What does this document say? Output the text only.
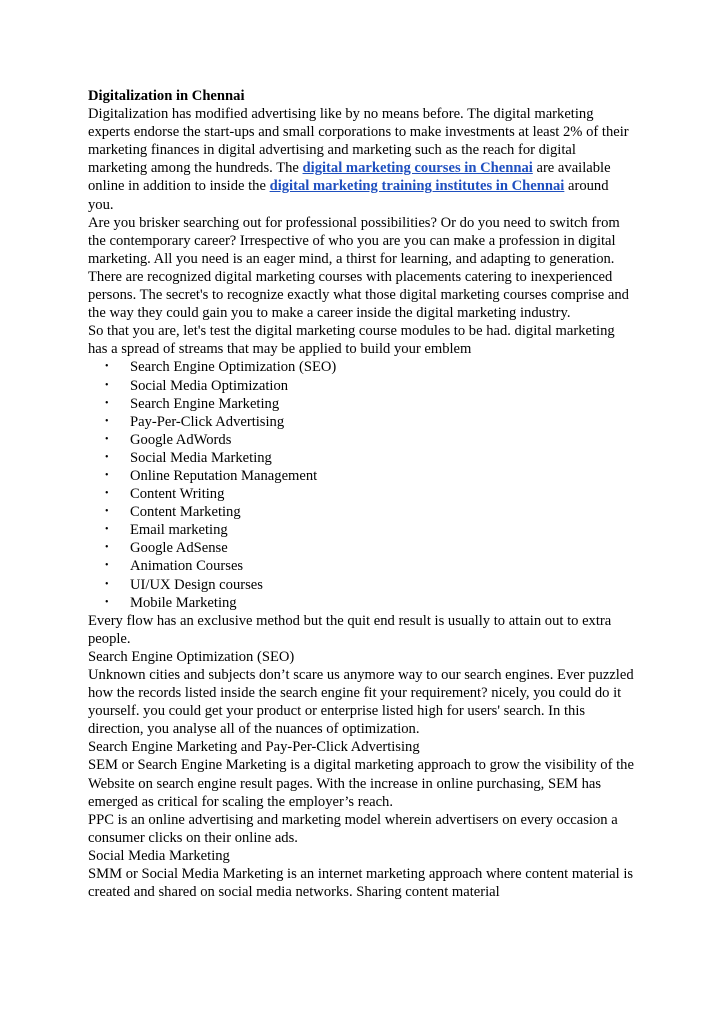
Digitalization in Chennai

Digitalization has modified advertising like by no means before. The digital marketing experts endorse the start-ups and small corporations to make investments at least 2% of their marketing finances in digital advertising and marketing such as the reach for digital marketing among the hundreds. The digital marketing courses in Chennai are available online in addition to inside the digital marketing training institutes in Chennai around you.

Are you brisker searching out for professional possibilities? Or do you need to switch from the contemporary career? Irrespective of who you are you can make a profession in digital marketing. All you need is an eager mind, a thirst for learning, and adapting to generation. There are recognized digital marketing courses with placements catering to inexperienced persons. The secret's to recognize exactly what those digital marketing courses comprise and the way they could gain you to make a career inside the digital marketing industry.

So that you are, let's test the digital marketing course modules to be had. digital marketing has a spread of streams that may be applied to build your emblem

• Search Engine Optimization (SEO)
• Social Media Optimization
• Search Engine Marketing
• Pay-Per-Click Advertising
• Google AdWords
• Social Media Marketing
• Online Reputation Management
• Content Writing
• Content Marketing
• Email marketing
• Google AdSense
• Animation Courses
• UI/UX Design courses
• Mobile Marketing

Every flow has an exclusive method but the quit end result is usually to attain out to extra people.

Search Engine Optimization (SEO)

Unknown cities and subjects don’t scare us anymore way to our search engines. Ever puzzled how the records listed inside the search engine fit your requirement? nicely, you could do it yourself. you could get your product or enterprise listed high for users' search. In this direction, you analyse all of the nuances of optimization.

Search Engine Marketing and Pay-Per-Click Advertising

SEM or Search Engine Marketing is a digital marketing approach to grow the visibility of the Website on search engine result pages. With the increase in online purchasing, SEM has emerged as critical for scaling the employer’s reach.

PPC is an online advertising and marketing model wherein advertisers on every occasion a consumer clicks on their online ads.

Social Media Marketing

SMM or Social Media Marketing is an internet marketing approach where content material is created and shared on social media networks. Sharing content material
